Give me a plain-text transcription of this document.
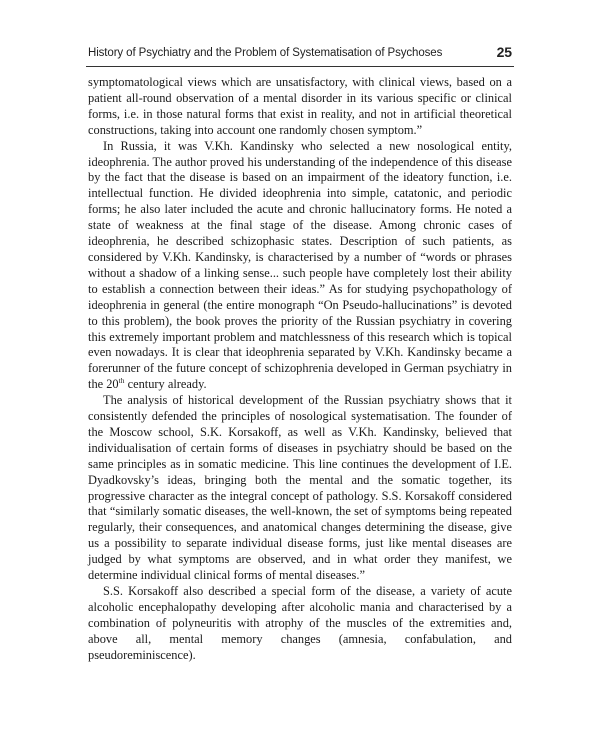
History of Psychiatry and the Problem of Systematisation of Psychoses	25

symptomatological views which are unsatisfactory, with clinical views, based on a patient all-round observation of a mental disorder in its various specific or clinical forms, i.e. in those natural forms that exist in reality, and not in artificial theoretical constructions, taking into account one randomly chosen symptom.”

In Russia, it was V.Kh. Kandinsky who selected a new nosological entity, ideophrenia. The author proved his understanding of the independence of this disease by the fact that the disease is based on an impairment of the ideatory function, i.e. intellectual function. He divided ideophrenia into simple, catatonic, and periodic forms; he also later included the acute and chronic hallucinatory forms. He noted a state of weakness at the final stage of the disease. Among chronic cases of ideophrenia, he described schizophasic states. Description of such patients, as considered by V.Kh. Kandinsky, is characterised by a number of “words or phrases without a shadow of a linking sense... such people have completely lost their ability to establish a connection between their ideas.” As for studying psychopathology of ideophrenia in general (the entire monograph “On Pseudo-hallucinations” is devoted to this problem), the book proves the priority of the Russian psychiatry in covering this extremely important problem and matchlessness of this research which is topical even nowadays. It is clear that ideophrenia separated by V.Kh. Kandinsky became a forerunner of the future concept of schizophrenia developed in German psychiatry in the 20th century already.

The analysis of historical development of the Russian psychiatry shows that it consistently defended the principles of nosological systematisation. The founder of the Moscow school, S.K. Korsakoff, as well as V.Kh. Kandinsky, believed that individualisation of certain forms of diseases in psychiatry should be based on the same principles as in somatic medicine. This line continues the development of I.E. Dyadkovsky’s ideas, bringing both the mental and the somatic together, its progressive character as the integral concept of pathology. S.S. Korsakoff considered that “similarly somatic diseases, the well-known, the set of symptoms being repeated regularly, their consequences, and anatomical changes determining the disease, give us a possibility to separate individual disease forms, just like mental diseases are judged by what symptoms are observed, and in what order they manifest, we determine individual clinical forms of mental diseases.”

S.S. Korsakoff also described a special form of the disease, a variety of acute alcoholic encephalopathy developing after alcoholic mania and characterised by a combination of polyneuritis with atrophy of the muscles of the extremities and, above all, mental memory changes (amnesia, confabulation, and pseudoreminiscence).
